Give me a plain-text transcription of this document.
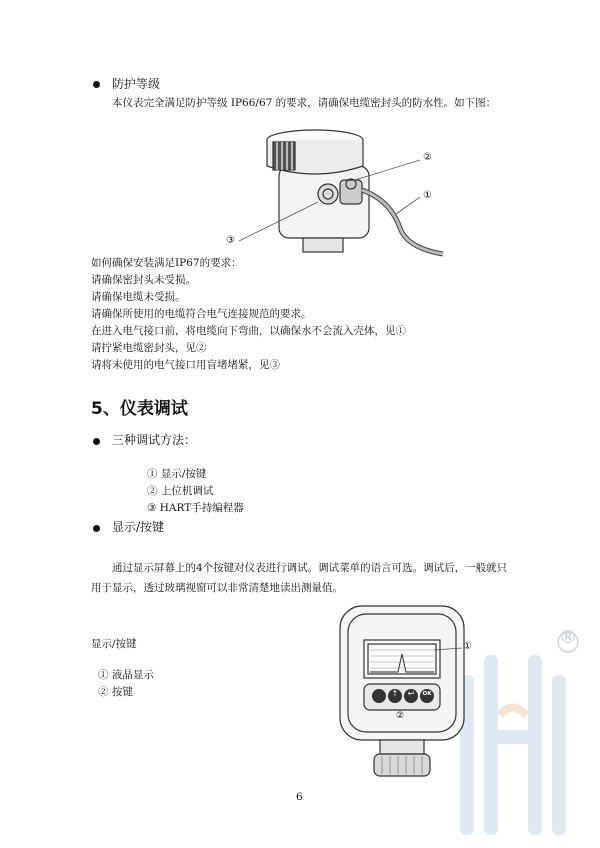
®
防护等级
本仪表完全满足防护等级 IP66/67 的要求，请确保电缆密封头的防水性。如下图：
②
①
③
如何确保安装满足IP67的要求：
请确保密封头未受损。
请确保电缆未受损。
请确保所使用的电缆符合电气连接规范的要求。
在进入电气接口前，将电缆向下弯曲，以确保水不会流入壳体，见①
请拧紧电缆密封头，见②
请将未使用的电气接口用盲堵堵紧，见③
5、仪表调试
三种调试方法：
① 显示/按键
② 上位机调试
③ HART手持编程器
显示/按键
通过显示屏幕上的4个按键对仪表进行调试。调试菜单的语言可选。调试后，一般就只
用于显示，透过玻璃视窗可以非常清楚地读出测量值。
显示/按键
① 液晶显示
② 按键
ESC	↑	↩	OK
①
②
6
